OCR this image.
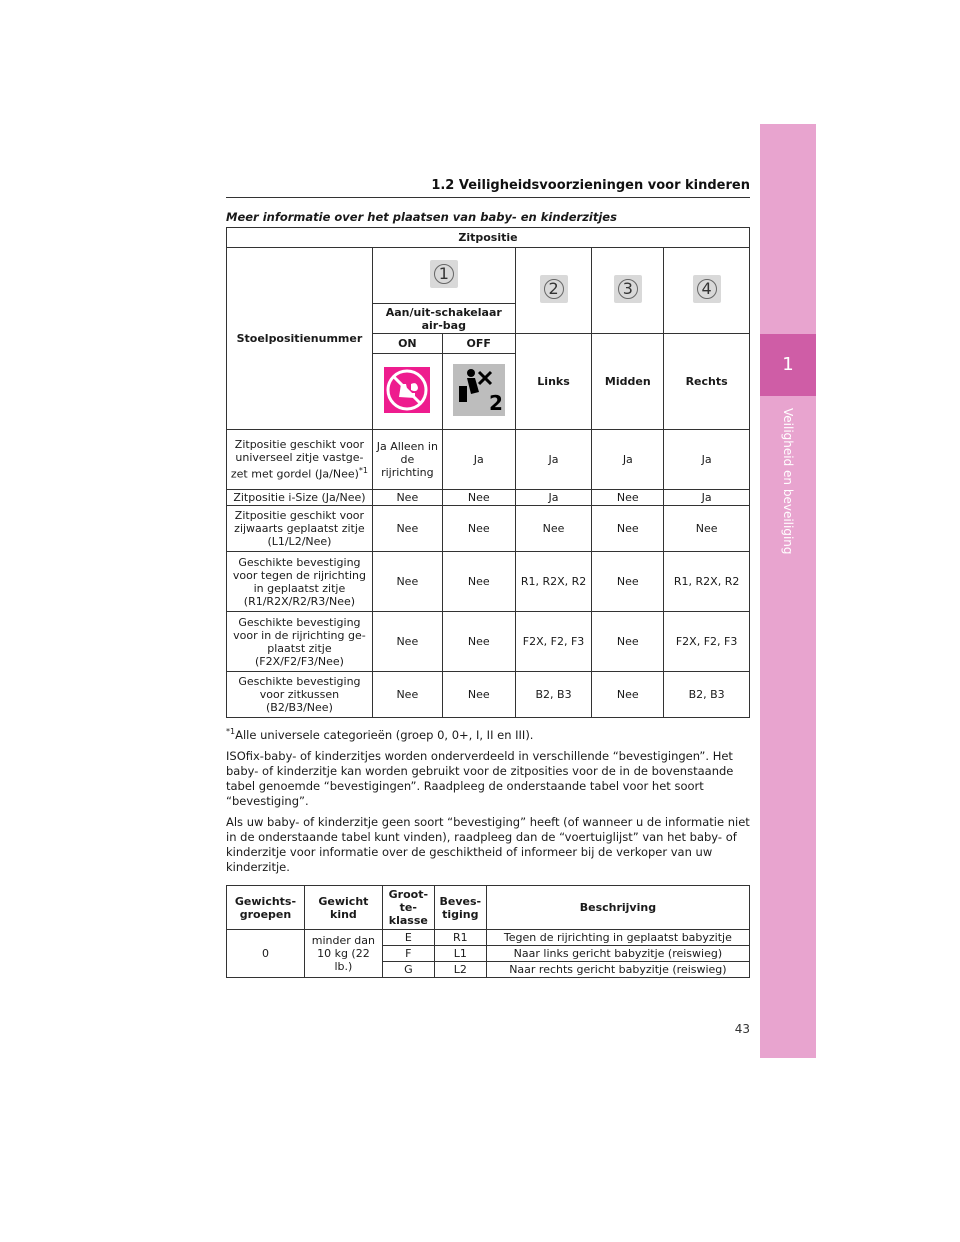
1
Veiligheid en beveiliging
1.2 Veiligheidsvoorzieningen voor kinderen
Meer informatie over het plaatsen van baby- en kinderzitjes
Zitpositie					
Stoelpositienummer	1		2	3	4

	Aan/uit-schakelaar air-bag				
	ON	OFF	Links	Midden	Rechts

2			

Zitpositie geschikt voor universeel zitje vastge-zet met gordel $(Ja/Nee)^{*1}$	Ja Alleen in de rijrichting	Ja	Ja	Ja	Ja
Zitpositie i-Size (Ja/Nee)	Nee	Nee	Ja	Nee	Ja
Zitpositie geschikt voor zijwaarts geplaatst zitje (L1/L2/Nee)	Nee	Nee	Nee	Nee	Nee
Geschikte bevestiging voor tegen de rijrichting in geplaatst zitje (R1/R2X/R2/R3/Nee)	Nee	Nee	R1, R2X, R2	Nee	R1, R2X, R2
Geschikte bevestiging voor in de rijrichting ge-plaatst zitje (F2X/F2/F3/Nee)	Nee	Nee	F2X, F2, F3	Nee	F2X, F2, F3
Geschikte bevestiging voor zitkussen (B2/B3/Nee)	Nee	Nee	B2, B3	Nee	B2, B3

$^{*1}$Alle universele categorieën (groep 0, 0+, I, II en III).

ISOfix-baby- of kinderzitjes worden onderverdeeld in verschillende “bevestigingen”. Het baby- of kinderzitje kan worden gebruikt voor de zitposities voor de in de bovenstaande tabel genoemde “bevestigingen”. Raadpleeg de onderstaande tabel voor het soort “bevestiging”.

Als uw baby- of kinderzitje geen soort “bevestiging” heeft (of wanneer u de informatie niet in de onderstaande tabel kunt vinden), raadpleeg dan de “voertuiglijst” van het baby- of kinderzitje voor informatie over de geschiktheid of informeer bij de verkoper van uw kinderzitje.

Gewichts-groepen	Gewicht kind	Groot-te-klasse	Beves-tiging	Beschrijving
0	minder dan 10 kg (22 lb.)	E	R1	Tegen de rijrichting in geplaatst babyzitje
		F	L1	Naar links gericht babyzitje (reiswieg)
		G	L2	Naar rechts gericht babyzitje (reiswieg)
43
